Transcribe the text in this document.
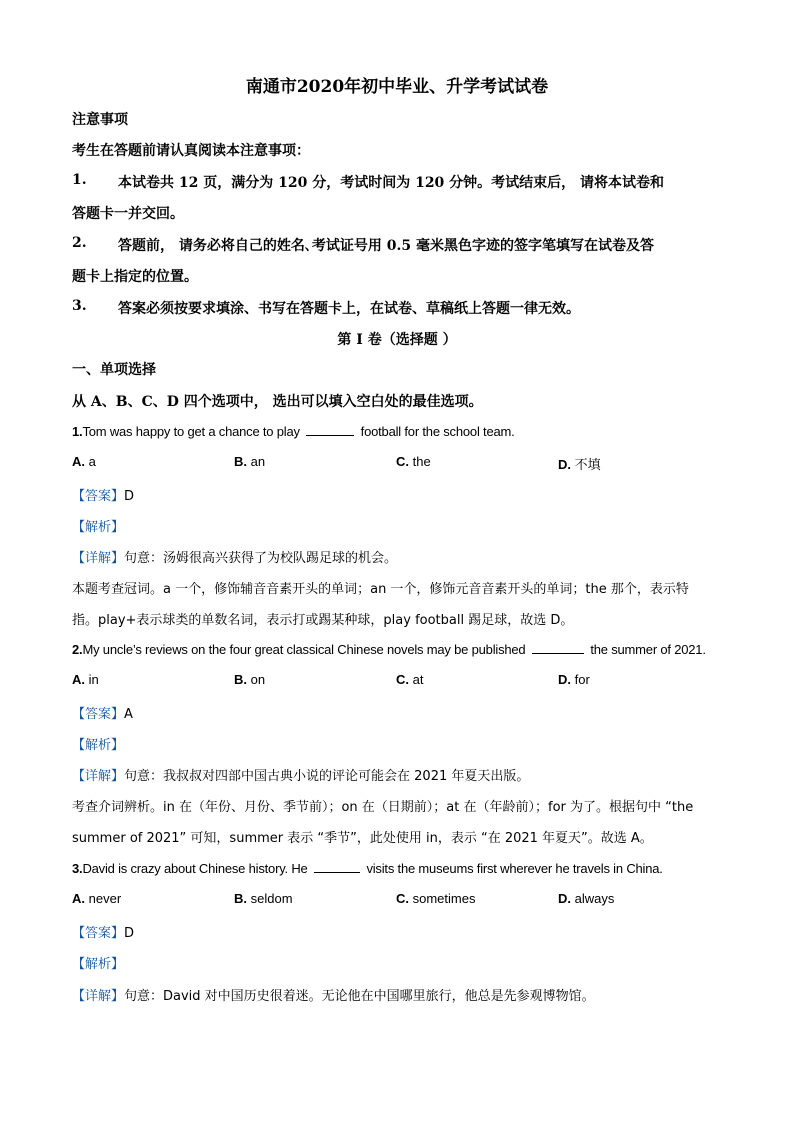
南通市2020年初中毕业、升学考试试卷
注意事项
考生在答题前请认真阅读本注意事项：
1. 本试卷共 12 页，满分为 120 分，考试时间为 120 分钟。考试结束后， 请将本试卷和
答题卡一并交回。
2. 答题前， 请务必将自己的姓名､考试证号用 0.5 毫米黑色字迹的签字笔填写在试卷及答
题卡上指定的位置。
3. 答案必须按要求填涂、书写在答题卡上，在试卷、草稿纸上答题一律无效。
第 I 卷（选择题 ）
一、单项选择
从 A、B、C、D 四个选项中， 选出可以填入空白处的最佳选项。
1.Tom was happy to get a chance to play	football for the school team.
A. a	B. an	C. the	D. 不填
【答案】D
【解析】
【详解】句意：汤姆很高兴获得了为校队踢足球的机会。
本题考查冠词。a 一个，修饰辅音音素开头的单词；an 一个，修饰元音音素开头的单词；the 那个，表示特
指。play+表示球类的单数名词，表示打或踢某种球，play football 踢足球，故选 D。
2.My uncle’s reviews on the four great classical Chinese novels may be published	the summer of 2021.
A. in	B. on	C. at	D. for
【答案】A
【解析】
【详解】句意：我叔叔对四部中国古典小说的评论可能会在 2021 年夏天出版。
考查介词辨析。in 在（年份、月份、季节前）；on 在（日期前）；at 在（年龄前）；for 为了。根据句中 “the
summer of 2021” 可知，summer 表示 “季节”，此处使用 in，表示 “在 2021 年夏天”。故选 A。
3.David is crazy about Chinese history. He	visits the museums first wherever he travels in China.
A. never	B. seldom	C. sometimes	D. always
【答案】D
【解析】
【详解】句意：David 对中国历史很着迷。无论他在中国哪里旅行，他总是先参观博物馆。
